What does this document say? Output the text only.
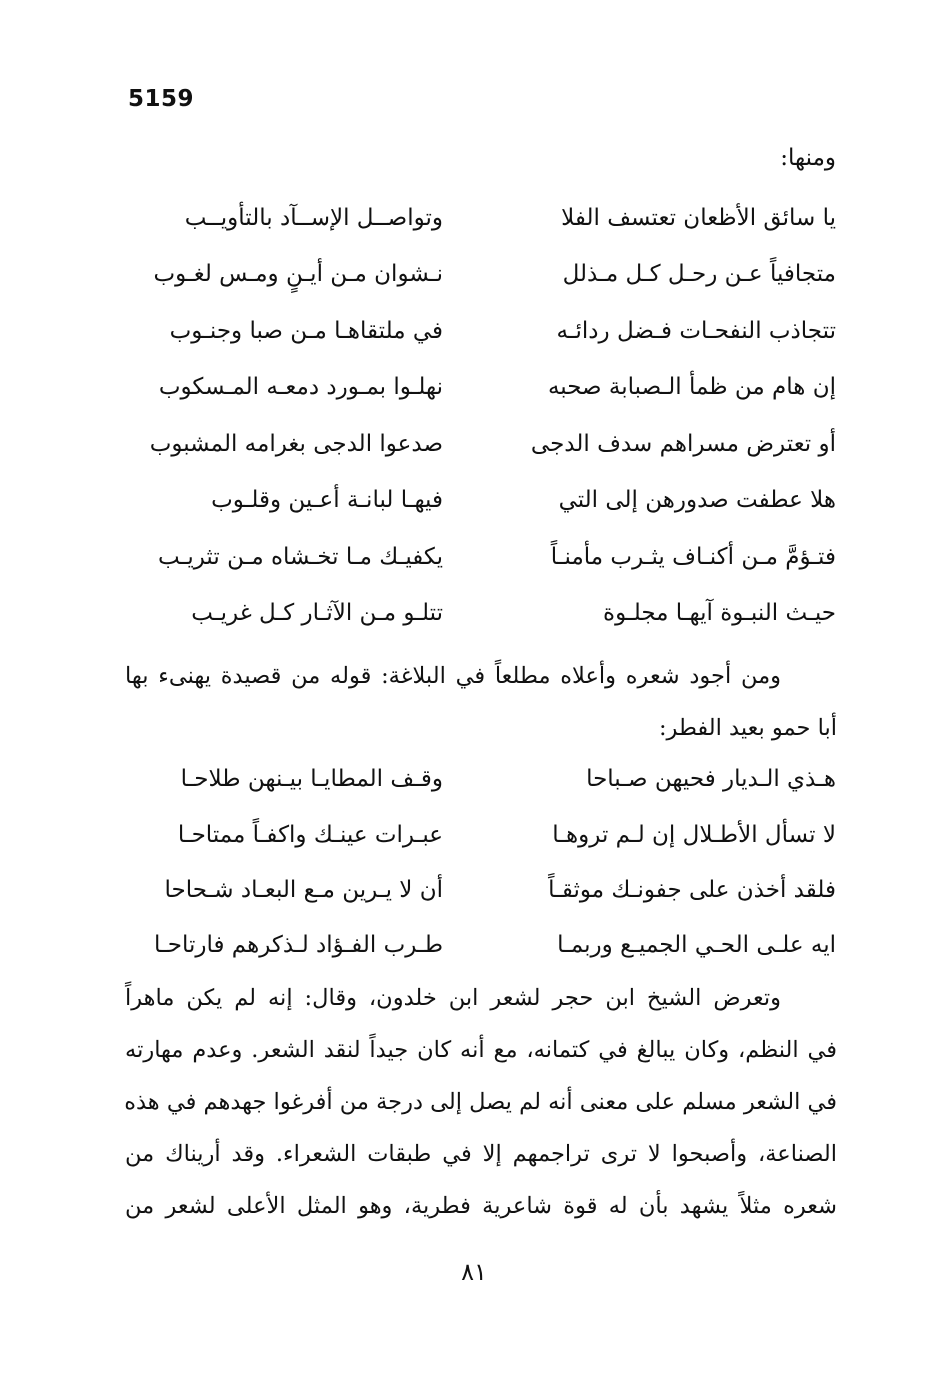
5159
ومنها:
يا سائق الأظعان تعتسف الفلا
وتواصــل الإســآد بالتأويــب
متجافياً عـن رحـل كـل مـذلل
نـشوان مـن أيـنٍ ومـس لغـوب
تتجاذب النفحـات فـضل ردائـه
في ملتقاهـا مـن صبا وجنـوب
إن هام من ظمأ الـصبابة صحبه
نهلـوا بمـورد دمعـه المـسكوب
أو تعترض مسراهم سدف الدجى
صدعوا الدجى بغرامه المشبوب
هلا عطفت صدورهن إلى التي
فيهـا لبانـة أعـين وقلـوب
فتـؤمَّ مـن أكنـاف يثـرب مأمنـاً
يكفيـك مـا تخـشاه مـن تثريـب
حيـث النبـوة آيهـا مجلـوة
تتلـو مـن الآثـار كـل غريـب
ومن أجود شعره وأعلاه مطلعاً في البلاغة: قوله من قصيدة يهنىء بها
أبا حمو بعيد الفطر:
هـذي الـديار فحيهن صـباحا
وقـف المطايـا بيـنهن طلاحـا
لا تسأل الأطـلال إن لـم تروهـا
عبـرات عينـك واكفـاً ممتاحـا
فلقد أخذن على جفونـك موثقـاً
أن لا يـرين مـع البعـاد شـحاحا
ايه علـى الحـي الجميـع وربمـا
طـرب الفـؤاد لـذكرهم فارتاحـا
وتعرض الشيخ ابن حجر لشعر ابن خلدون، وقال: إنه لم يكن ماهراً
في النظم، وكان يبالغ في كتمانه، مع أنه كان جيداً لنقد الشعر. وعدم مهارته
في الشعر مسلم على معنى أنه لم يصل إلى درجة من أفرغوا جهدهم في هذه
الصناعة، وأصبحوا لا ترى تراجمهم إلا في طبقات الشعراء. وقد أريناك من
شعره مثلاً يشهد بأن له قوة شاعرية فطرية، وهو المثل الأعلى لشعر من
٨١
